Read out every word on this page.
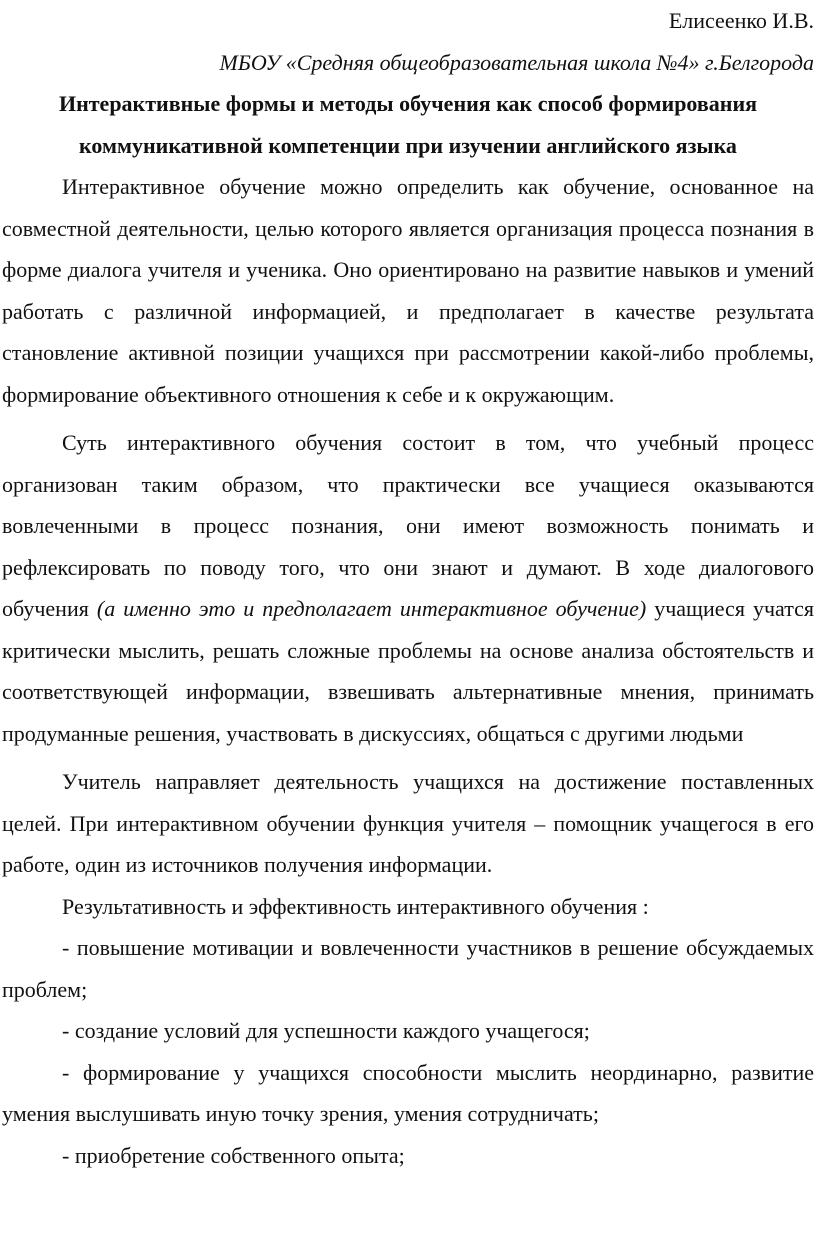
Елисеенко И.В.

МБОУ «Средняя общеобразовательная школа №4» г.Белгорода

Интерактивные формы и методы обучения как способ формирования коммуникативной компетенции при изучении английского языка

Интерактивное обучение можно определить как обучение, основанное на совместной деятельности, целью которого является организация процесса познания в форме диалога учителя и ученика. Оно ориентировано на развитие навыков и умений работать с различной информацией, и предполагает в качестве результата становление активной позиции учащихся при рассмотрении какой-либо проблемы, формирование объективного отношения к себе и к окружающим.

Суть интерактивного обучения состоит в том, что учебный процесс организован таким образом, что практически все учащиеся оказываются вовлеченными в процесс познания, они имеют возможность понимать и рефлексировать по поводу того, что они знают и думают. В ходе диалогового обучения (а именно это и предполагает интерактивное обучение) учащиеся учатся критически мыслить, решать сложные проблемы на основе анализа обстоятельств и соответствующей информации, взвешивать альтернативные мнения, принимать продуманные решения, участвовать в дискуссиях, общаться с другими людьми

Учитель направляет деятельность учащихся на достижение поставленных целей. При интерактивном обучении функция учителя – помощник учащегося в его работе, один из источников получения информации.

Результативность и эффективность интерактивного обучения :

- повышение мотивации и вовлеченности участников в решение обсуждаемых проблем;

- создание условий для успешности каждого учащегося;

- формирование у учащихся способности мыслить неординарно, развитие умения выслушивать иную точку зрения, умения сотрудничать;

- приобретение собственного опыта;
